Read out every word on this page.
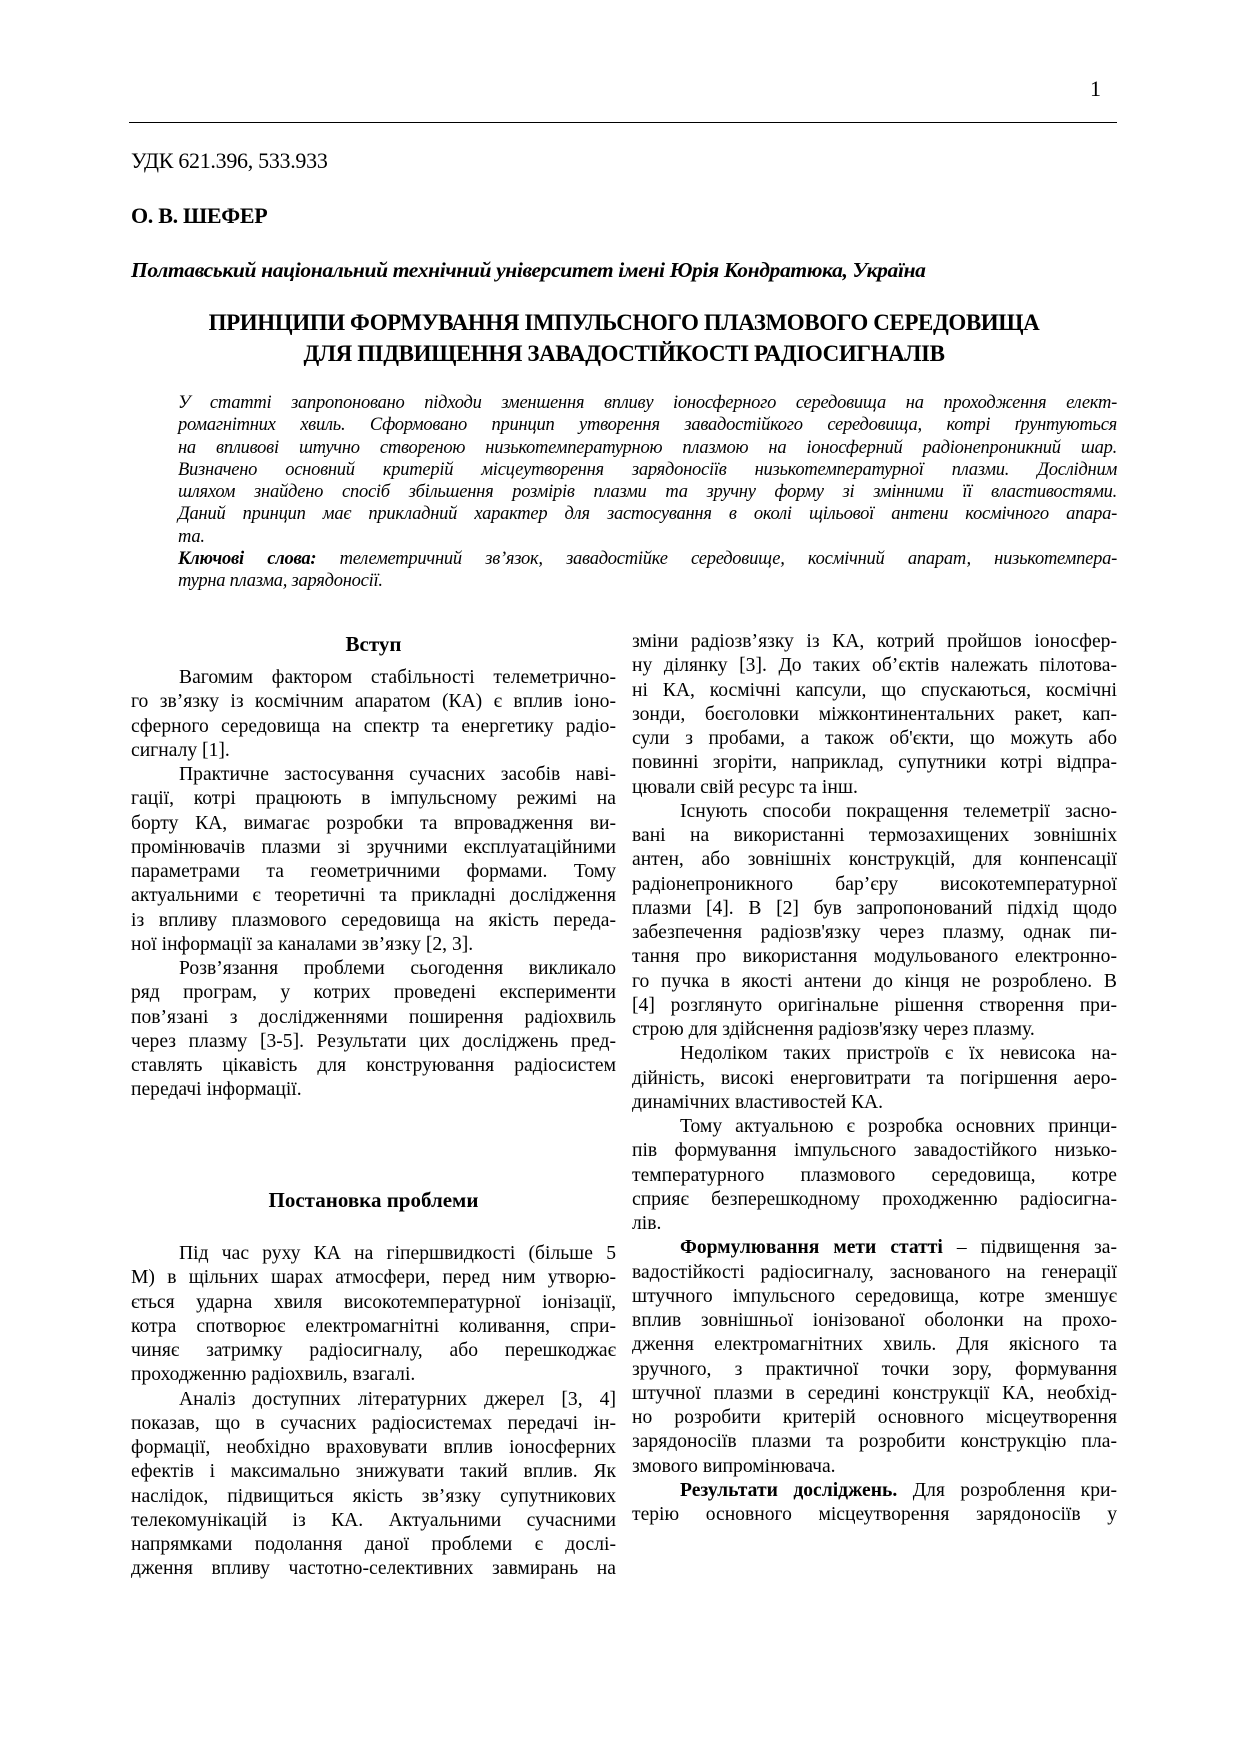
1
УДК 621.396, 533.933
О. В. ШЕФЕР
Полтавський національний технічний університет імені Юрія Кондратюка, Україна
ПРИНЦИПИ ФОРМУВАННЯ ІМПУЛЬСНОГО ПЛАЗМОВОГО СЕРЕДОВИЩА
ДЛЯ ПІДВИЩЕННЯ ЗАВАДОСТІЙКОСТІ РАДІОСИГНАЛІВ
У статті запропоновано підходи зменшення впливу іоносферного середовища на проходження елект-
ромагнітних хвиль. Сформовано принцип утворення завадостійкого середовища, котрі ґрунтуються
на впливові штучно створеною низькотемпературною плазмою на іоносферний радіонепроникний шар.
Визначено основний критерій місцеутворення зарядоносіїв низькотемпературної плазми. Дослідним
шляхом знайдено спосіб збільшення розмірів плазми та зручну форму зі змінними її властивостями.
Даний принцип має прикладний характер для застосування в околі щільової антени космічного апара-
та.
Ключові слова: телеметричний зв’язок, завадостійке середовище, космічний апарат, низькотемпера-
турна плазма, зарядоносії.
Вступ
Вагомим фактором стабільності телеметрично-
го зв’язку із космічним апаратом (КА) є вплив іоно-
сферного середовища на спектр та енергетику радіо-
сигналу [1].
Практичне застосування сучасних засобів наві-
гації, котрі працюють в імпульсному режимі на
борту КА, вимагає розробки та впровадження ви-
промінювачів плазми зі зручними експлуатаційними
параметрами та геометричними формами. Тому
актуальними є теоретичні та прикладні дослідження
із впливу плазмового середовища на якість переда-
ної інформації за каналами зв’язку [2, 3].
Розв’язання проблеми сьогодення викликало
ряд програм, у котрих проведені експерименти
пов’язані з дослідженнями поширення радіохвиль
через плазму [3-5]. Результати цих досліджень пред-
ставлять цікавість для конструювання радіосистем
передачі інформації.
Постановка проблеми
Під час руху КА на гіпершвидкості (більше 5
М) в щільних шарах атмосфери, перед ним утворю-
ється ударна хвиля високотемпературної іонізації,
котра спотворює електромагнітні коливання, спри-
чиняє затримку радіосигналу, або перешкоджає
проходженню радіохвиль, взагалі.
Аналіз доступних літературних джерел [3, 4]
показав, що в сучасних радіосистемах передачі ін-
формації, необхідно враховувати вплив іоносферних
ефектів і максимально знижувати такий вплив. Як
наслідок, підвищиться якість зв’язку супутникових
телекомунікацій із КА. Актуальними сучасними
напрямками подолання даної проблеми є дослі-
дження впливу частотно-селективних завмирань на
зміни радіозв’язку із КА, котрий пройшов іоносфер-
ну ділянку [3]. До таких об’єктів належать пілотова-
ні КА, космічні капсули, що спускаються, космічні
зонди, боєголовки міжконтинентальних ракет, кап-
сули з пробами, а також об'єкти, що можуть або
повинні згоріти, наприклад, супутники котрі відпра-
цювали свій ресурс та інш.
Існують способи покращення телеметрії засно-
вані на використанні термозахищених зовнішніх
антен, або зовнішніх конструкцій, для конпенсації
радіонепроникного бар’єру високотемпературної
плазми [4]. В [2] був запропонований підхід щодо
забезпечення радіозв'язку через плазму, однак пи-
тання про використання модульованого електронно-
го пучка в якості антени до кінця не розроблено. В
[4] розглянуто оригінальне рішення створення при-
строю для здійснення радіозв'язку через плазму.
Недоліком таких пристроїв є їх невисока на-
дійність, високі енерговитрати та погіршення аеро-
динамічних властивостей КА.
Тому актуальною є розробка основних принци-
пів формування імпульсного завадостійкого низько-
температурного плазмового середовища, котре
сприяє безперешкодному проходженню радіосигна-
лів.
Формулювання мети статті – підвищення за-
вадостійкості радіосигналу, заснованого на генерації
штучного імпульсного середовища, котре зменшує
вплив зовнішньої іонізованої оболонки на прохо-
дження електромагнітних хвиль. Для якісного та
зручного, з практичної точки зору, формування
штучної плазми в середині конструкції КА, необхід-
но розробити критерій основного місцеутворення
зарядоносіїв плазми та розробити конструкцію пла-
змового випромінювача.
Результати досліджень. Для розроблення кри-
терію основного місцеутворення зарядоносіїв у
